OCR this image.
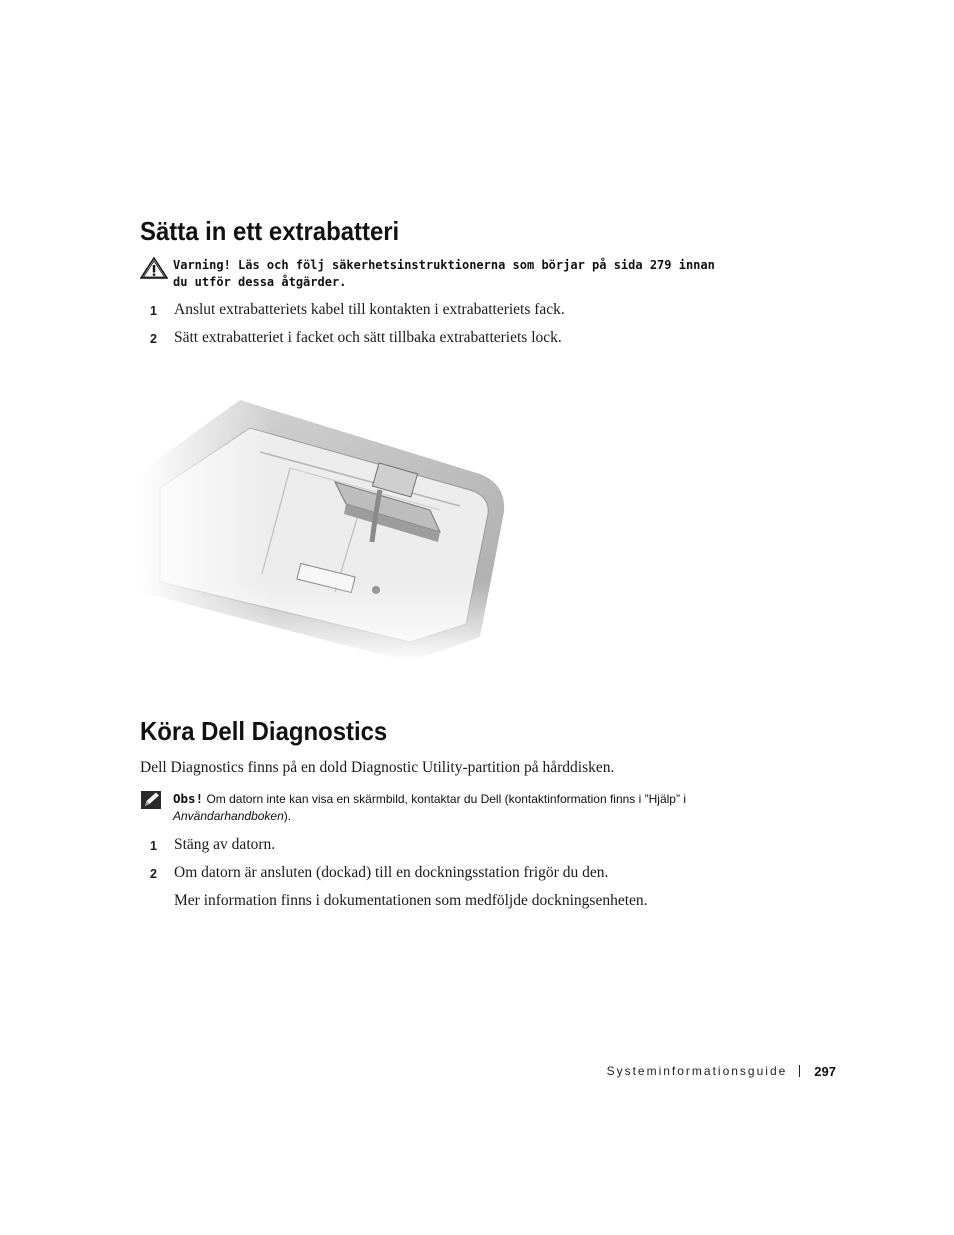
Sätta in ett extrabatteri
Varning! Läs och följ säkerhetsinstruktionerna som börjar på sida 279 innan du utför dessa åtgärder.
1 Anslut extrabatteriets kabel till kontakten i extrabatteriets fack.
2 Sätt extrabatteriet i facket och sätt tillbaka extrabatteriets lock.
Köra Dell Diagnostics
Dell Diagnostics finns på en dold Diagnostic Utility-partition på hårddisken.
Obs! Om datorn inte kan visa en skärmbild, kontaktar du Dell (kontaktinformation finns i ”Hjälp” i Användarhandboken).
1 Stäng av datorn.
2 Om datorn är ansluten (dockad) till en dockningsstation frigör du den.
Mer information finns i dokumentationen som medföljde dockningsenheten.
Systeminformationsguide 297
